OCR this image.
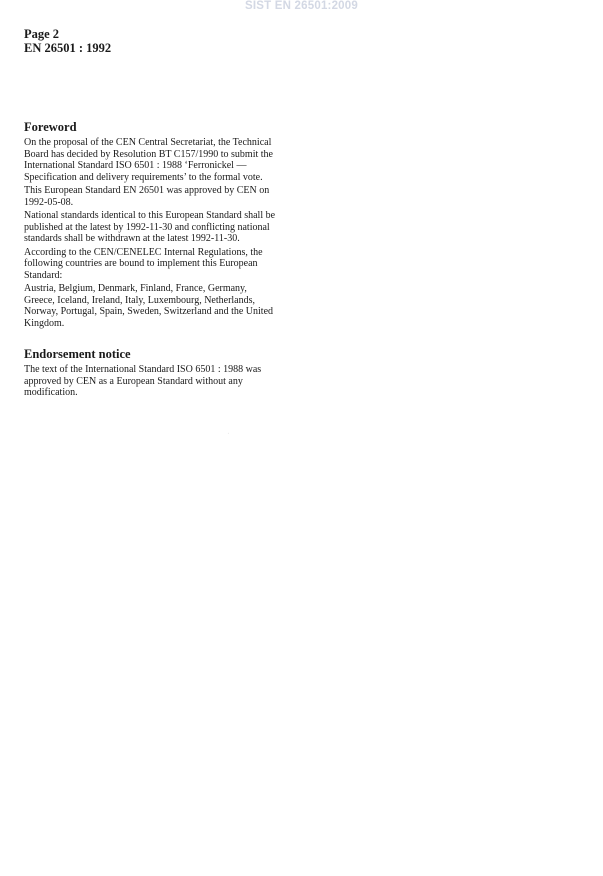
SIST EN 26501:2009
Page 2
EN 26501 : 1992
Foreword

On the proposal of the CEN Central Secretariat, the Technical Board has decided by Resolution BT C157/1990 to submit the International Standard ISO 6501 : 1988 ‘Ferronickel — Specification and delivery requirements’ to the formal vote.

This European Standard EN 26501 was approved by CEN on 1992-05-08.

National standards identical to this European Standard shall be published at the latest by 1992-11-30 and conflicting national standards shall be withdrawn at the latest 1992-11-30.

According to the CEN/CENELEC Internal Regulations, the following countries are bound to implement this European Standard:

Austria, Belgium, Denmark, Finland, France, Germany, Greece, Iceland, Ireland, Italy, Luxembourg, Netherlands, Norway, Portugal, Spain, Sweden, Switzerland and the United Kingdom.

Endorsement notice

The text of the International Standard ISO 6501 : 1988 was approved by CEN as a European Standard without any modification.

ˈ
